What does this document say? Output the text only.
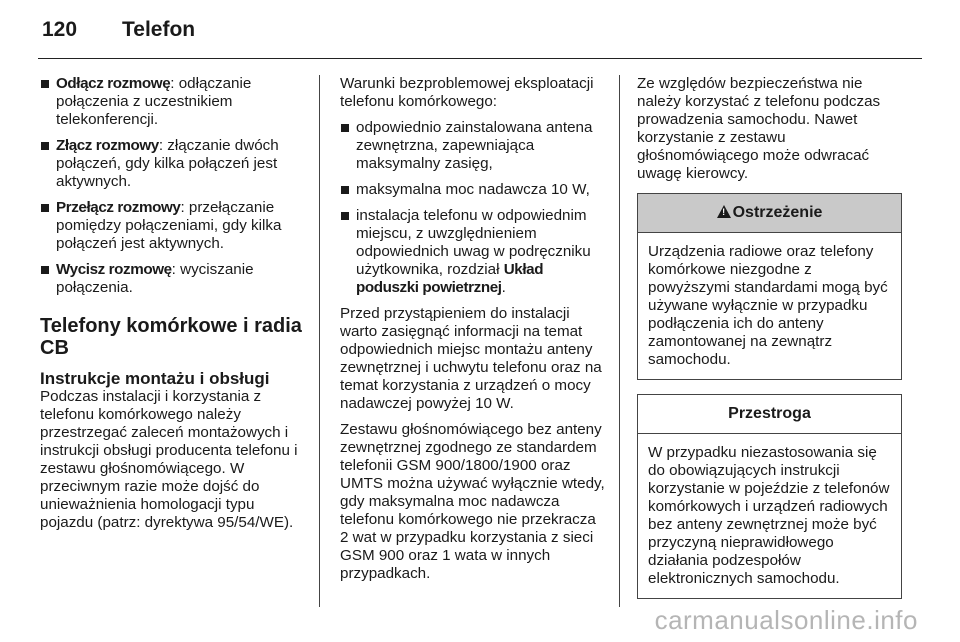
120	Telefon
Odłącz rozmowę: odłączanie połączenia z uczestnikiem telekonferencji.
Złącz rozmowy: złączanie dwóch połączeń, gdy kilka połączeń jest aktywnych.
Przełącz rozmowy: przełączanie pomiędzy połączeniami, gdy kilka połączeń jest aktywnych.
Wycisz rozmowę: wyciszanie połączenia.
Telefony komórkowe i radia CB
Instrukcje montażu i obsługi

Podczas instalacji i korzystania z telefonu komórkowego należy przestrzegać zaleceń montażowych i instrukcji obsługi producenta telefonu i zestawu głośnomówiącego. W przeciwnym razie może dojść do unieważnienia homologacji typu pojazdu (patrz: dyrektywa 95/54/WE).

Warunki bezproblemowej eksploatacji telefonu komórkowego:

odpowiednio zainstalowana antena zewnętrzna, zapewniająca maksymalny zasięg,
maksymalna moc nadawcza 10 W,
instalacja telefonu w odpowiednim miejscu, z uwzględnieniem odpowiednich uwag w podręczniku użytkownika, rozdział Układ poduszki powietrznej.

Przed przystąpieniem do instalacji warto zasięgnąć informacji na temat odpowiednich miejsc montażu anteny zewnętrznej i uchwytu telefonu oraz na temat korzystania z urządzeń o mocy nadawczej powyżej 10 W.

Zestawu głośnomówiącego bez anteny zewnętrznej zgodnego ze standardem telefonii GSM 900/1800/1900 oraz UMTS można używać wyłącznie wtedy, gdy maksymalna moc nadawcza telefonu komórkowego nie przekracza 2 wat w przypadku korzystania z sieci GSM 900 oraz 1 wata w innych przypadkach.

Ze względów bezpieczeństwa nie należy korzystać z telefonu podczas prowadzenia samochodu. Nawet korzystanie z zestawu głośnomówiącego może odwracać uwagę kierowcy.

! Ostrzeżenie
Urządzenia radiowe oraz telefony komórkowe niezgodne z powyższymi standardami mogą być używane wyłącznie w przypadku podłączenia ich do anteny zamontowanej na zewnątrz samochodu.
Przestroga
W przypadku niezastosowania się do obowiązujących instrukcji korzystanie w pojeździe z telefonów komórkowych i urządzeń radiowych bez anteny zewnętrznej może być przyczyną nieprawidłowego działania podzespołów elektronicznych samochodu.
carmanualsonline.info
